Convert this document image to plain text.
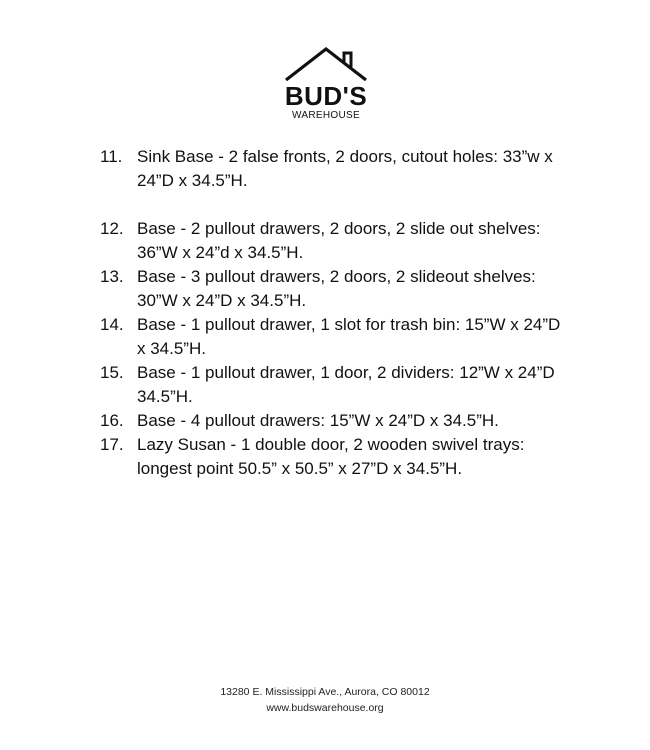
BUD'S
WAREHOUSE
11. Sink Base - 2 false fronts, 2 doors, cutout holes: 33”w x 24”D x 34.5”H.
12. Base - 2 pullout drawers, 2 doors, 2 slide out shelves: 36”W x 24”d x 34.5”H.
13. Base - 3 pullout drawers, 2 doors, 2 slideout shelves: 30”W x 24”D x 34.5”H.
14. Base - 1 pullout drawer, 1 slot for trash bin: 15”W x 24”D x 34.5”H.
15. Base - 1 pullout drawer, 1 door, 2 dividers: 12”W x 24”D 34.5”H.
16. Base - 4 pullout drawers: 15”W x 24”D x 34.5”H.
17. Lazy Susan - 1 double door, 2 wooden swivel trays: longest point 50.5” x 50.5” x 27”D x 34.5”H.
13280 E. Mississippi Ave., Aurora, CO 80012
www.budswarehouse.org
